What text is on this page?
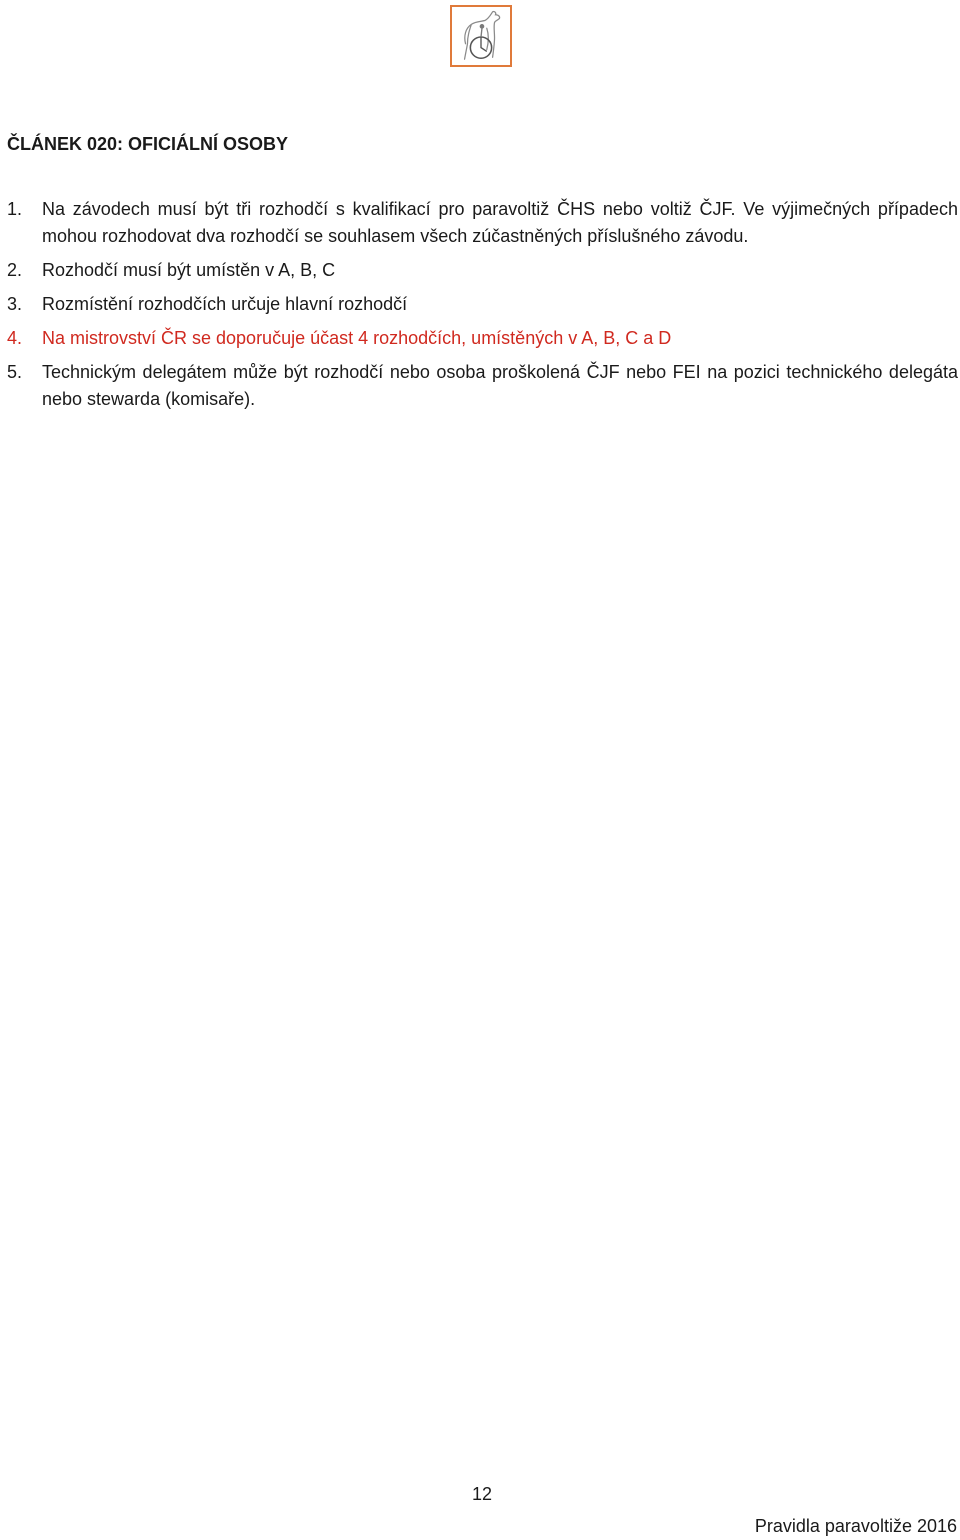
ČLÁNEK 020: OFICIÁLNÍ OSOBY
1. Na závodech musí být tři rozhodčí s kvalifikací pro paravoltiž ČHS nebo voltiž ČJF. Ve výjimečných případech mohou rozhodovat dva rozhodčí se souhlasem všech zúčastněných příslušného závodu.
2. Rozhodčí musí být umístěn v A, B, C
3. Rozmístění rozhodčích určuje hlavní rozhodčí
4. Na mistrovství ČR se doporučuje účast 4 rozhodčích, umístěných v A, B, C a D
5. Technickým delegátem může být rozhodčí nebo osoba proškolená ČJF nebo FEI na pozici technického delegáta nebo stewarda (komisaře).
12
Pravidla paravoltiže 2016
